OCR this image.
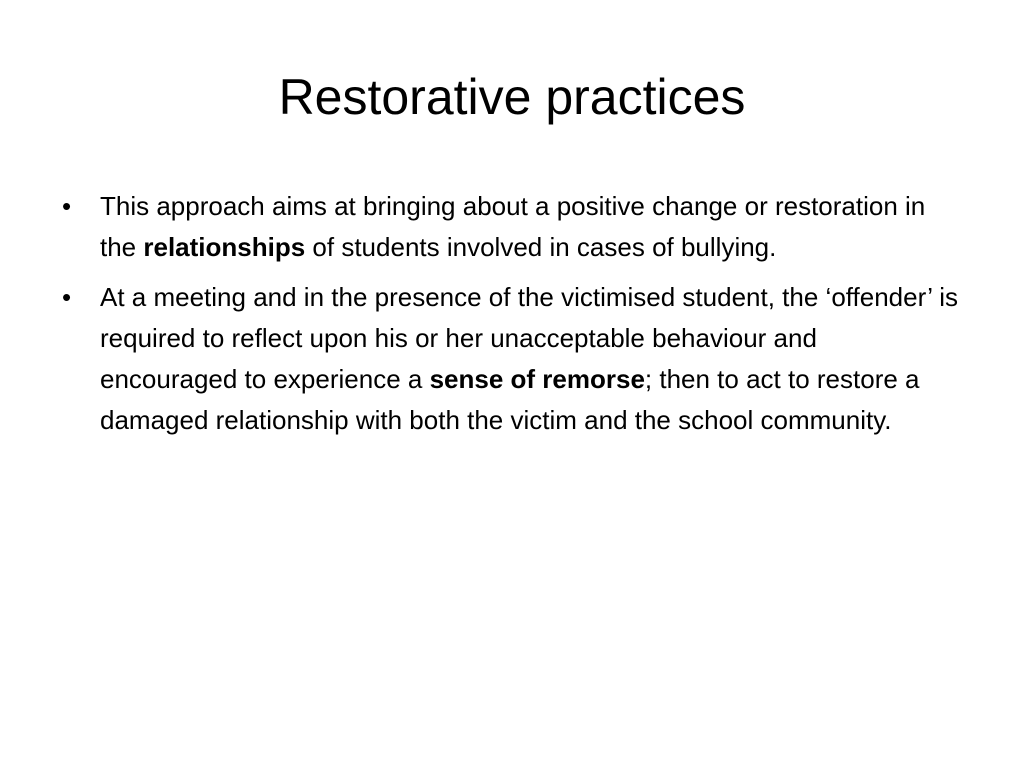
Restorative practices
• This approach aims at bringing about a positive change or restoration in the relationships of students involved in cases of bullying.
• At a meeting and in the presence of the victimised student, the ‘offender’ is required to reflect upon his or her unacceptable behaviour and encouraged to experience a sense of remorse; then to act to restore a damaged relationship with both the victim and the school community.
